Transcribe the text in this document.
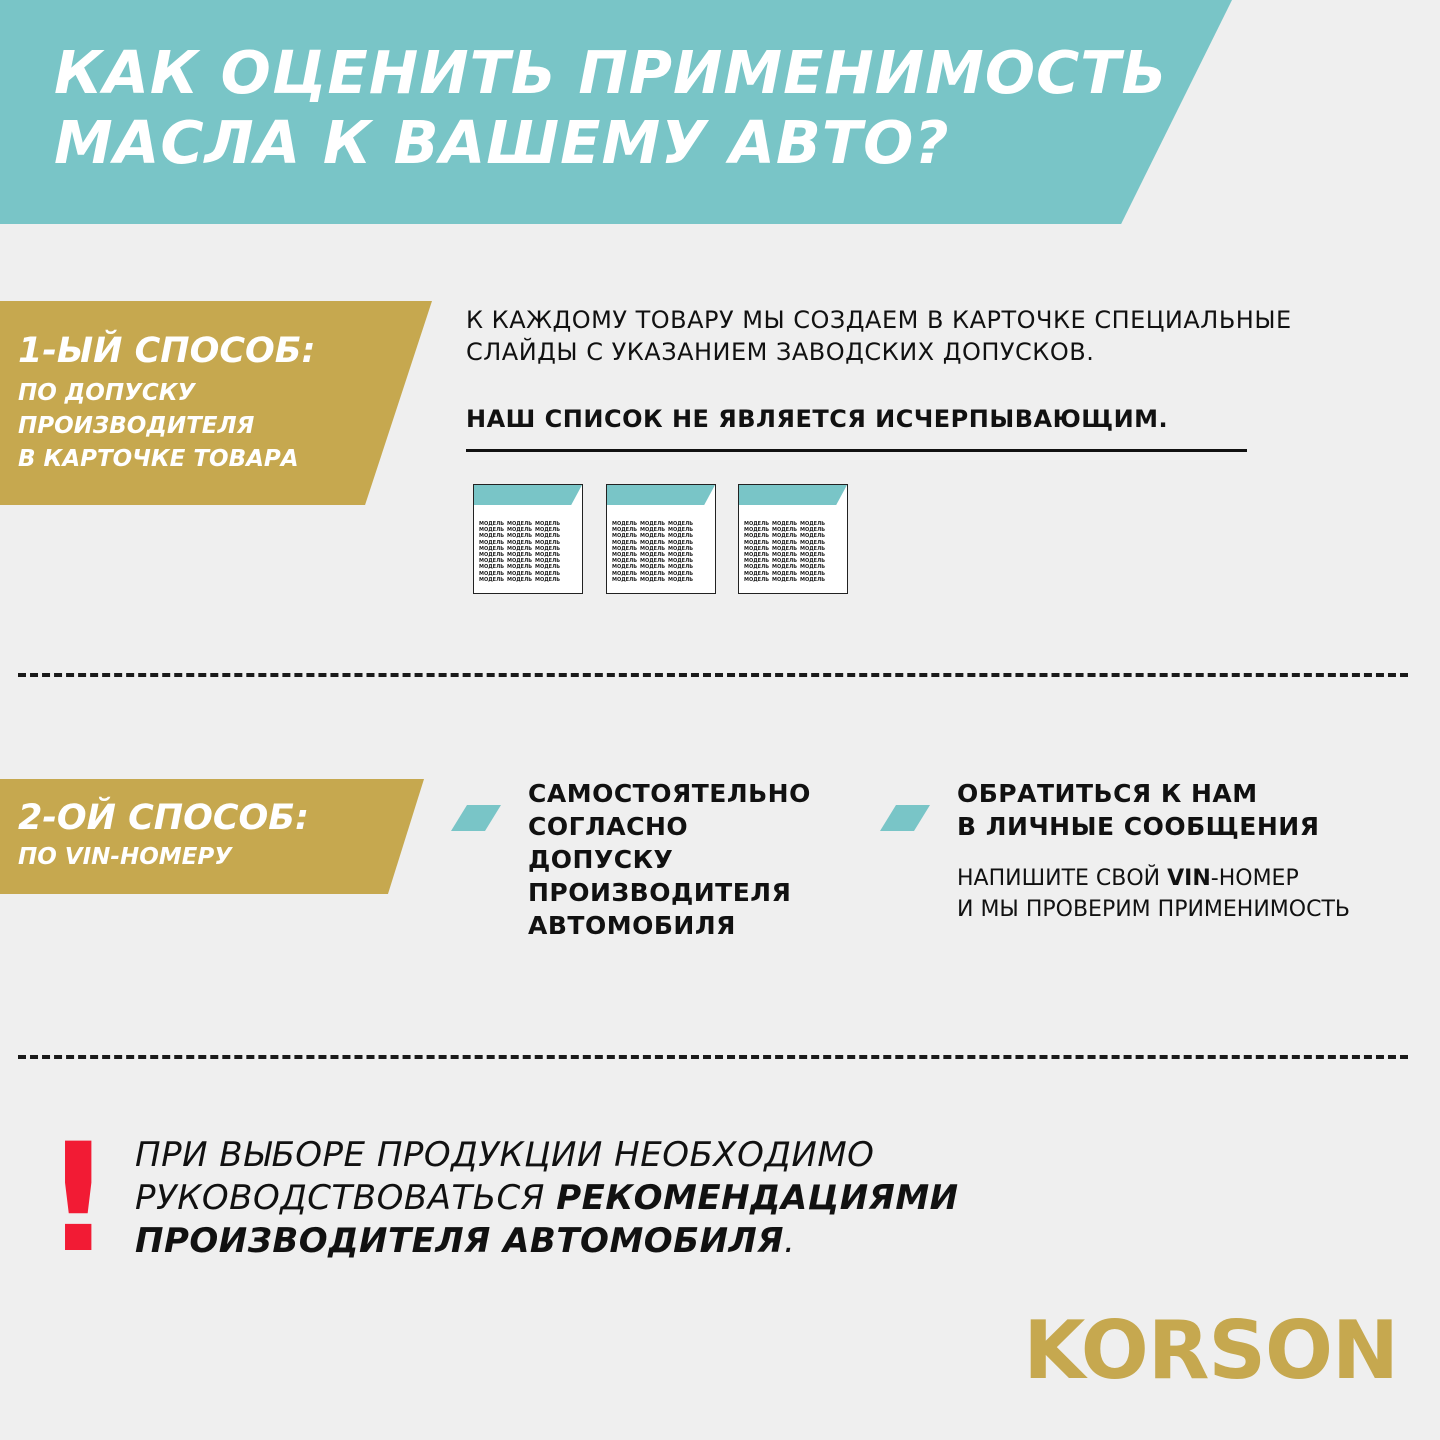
КАК ОЦЕНИТЬ ПРИМЕНИМОСТЬ
МАСЛА К ВАШЕМУ АВТО?

1-ЫЙ СПОСОБ:

ПО ДОПУСКУ

ПРОИЗВОДИТЕЛЯ

В КАРТОЧКЕ ТОВАРА

К КАЖДОМУ ТОВАРУ МЫ СОЗДАЕМ В КАРТОЧКЕ СПЕЦИАЛЬНЫЕ
СЛАЙДЫ С УКАЗАНИЕМ ЗАВОДСКИХ ДОПУСКОВ.
НАШ СПИСОК НЕ ЯВЛЯЕТСЯ ИСЧЕРПЫВАЮЩИМ.
МОДЕЛЬ МОДЕЛЬ МОДЕЛЬ
МОДЕЛЬ МОДЕЛЬ МОДЕЛЬ
МОДЕЛЬ МОДЕЛЬ МОДЕЛЬ
МОДЕЛЬ МОДЕЛЬ МОДЕЛЬ
МОДЕЛЬ МОДЕЛЬ МОДЕЛЬ
МОДЕЛЬ МОДЕЛЬ МОДЕЛЬ
МОДЕЛЬ МОДЕЛЬ МОДЕЛЬ
МОДЕЛЬ МОДЕЛЬ МОДЕЛЬ
МОДЕЛЬ МОДЕЛЬ МОДЕЛЬ
МОДЕЛЬ МОДЕЛЬ МОДЕЛЬ
МОДЕЛЬ МОДЕЛЬ МОДЕЛЬ
МОДЕЛЬ МОДЕЛЬ МОДЕЛЬ
МОДЕЛЬ МОДЕЛЬ МОДЕЛЬ
МОДЕЛЬ МОДЕЛЬ МОДЕЛЬ
МОДЕЛЬ МОДЕЛЬ МОДЕЛЬ
МОДЕЛЬ МОДЕЛЬ МОДЕЛЬ
МОДЕЛЬ МОДЕЛЬ МОДЕЛЬ
МОДЕЛЬ МОДЕЛЬ МОДЕЛЬ
МОДЕЛЬ МОДЕЛЬ МОДЕЛЬ
МОДЕЛЬ МОДЕЛЬ МОДЕЛЬ
МОДЕЛЬ МОДЕЛЬ МОДЕЛЬ
МОДЕЛЬ МОДЕЛЬ МОДЕЛЬ
МОДЕЛЬ МОДЕЛЬ МОДЕЛЬ
МОДЕЛЬ МОДЕЛЬ МОДЕЛЬ
МОДЕЛЬ МОДЕЛЬ МОДЕЛЬ
МОДЕЛЬ МОДЕЛЬ МОДЕЛЬ
МОДЕЛЬ МОДЕЛЬ МОДЕЛЬ
МОДЕЛЬ МОДЕЛЬ МОДЕЛЬ
МОДЕЛЬ МОДЕЛЬ МОДЕЛЬ
МОДЕЛЬ МОДЕЛЬ МОДЕЛЬ

2-ОЙ СПОСОБ:

ПО VIN-НОМЕРУ

САМОСТОЯТЕЛЬНО

СОГЛАСНО

ДОПУСКУ

ПРОИЗВОДИТЕЛЯ

АВТОМОБИЛЯ

ОБРАТИТЬСЯ К НАМ

В ЛИЧНЫЕ СООБЩЕНИЯ

НАПИШИТЕ СВОЙ VIN-НОМЕР

И МЫ ПРОВЕРИМ ПРИМЕНИМОСТЬ

! ПРИ ВЫБОРЕ ПРОДУКЦИИ НЕОБХОДИМО
РУКОВОДСТВОВАТЬСЯ РЕКОМЕНДАЦИЯМИ
ПРОИЗВОДИТЕЛЯ АВТОМОБИЛЯ.
KORSON
